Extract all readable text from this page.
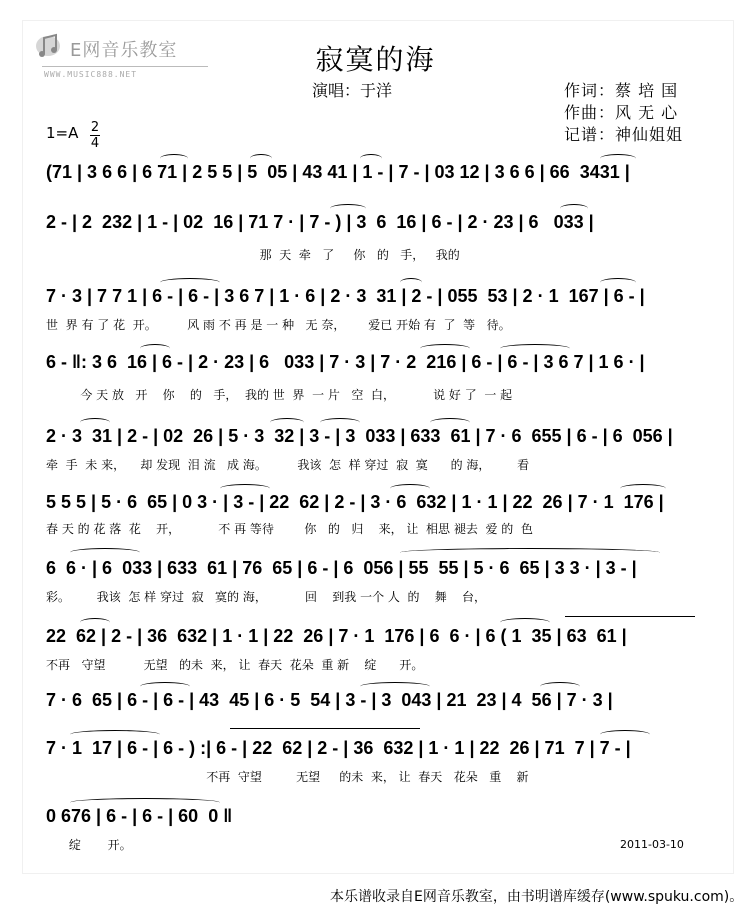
E网音乐教室
WWW.MUSIC888.NET	寂寞的海
演唱：于洋	作词：蔡 培 国
作曲：风 无 心
记谱：神仙姐姐
1=A 2
4
(71 | 3 6 6 | 6 71 | 2 5 5 | 5  05 | 43 41 | 1 - | 7 - | 03 12 | 3 6 6 | 66  3431 |
2 - | 2  232 | 1 - | 02  16 | 71 7 · | 7 - ) | 3  6  16 | 6 - | 2 · 23 | 6   033 |
那  天  牵   了     你   的   手，   我的
7 · 3 | 7 7 1 | 6 - | 6 - | 3 6 7 | 1 · 6 | 2 · 3  31 | 2 - | 055  53 | 2 · 1  167 | 6 - |
世  界 有 了 花  开。        风 雨 不 再 是 一 种   无 奈，      爱已 开始 有  了  等   待。
6 - ‖: 3 6  16 | 6 - | 2 · 23 | 6   033 | 7 · 3 | 7 · 2  216 | 6 - | 6 - | 3 6 7 | 1 6 · |
今 天 放   开    你    的   手，  我的 世  界  一 片   空  白，          说 好 了  一 起
2 · 3  31 | 2 - | 02  26 | 5 · 3  32 | 3 - | 3  033 | 633  61 | 7 · 6  655 | 6 - | 6  056 |
牵  手  未 来，    却 发现  泪 流   成 海。        我该  怎  样 穿过  寂  寞      的 海，       看
5 5 5 | 5 · 6  65 | 0 3 · | 3 - | 22  62 | 2 - | 3 · 6  632 | 1 · 1 | 22  26 | 7 · 1  176 |
春 天 的 花 落  花    开，          不 再 等待        你   的   归    来， 让  相思 褪去  爱 的  色
6  6 · | 6  033 | 633  61 | 76  65 | 6 - | 6  056 | 55  55 | 5 · 6  65 | 3 3 · | 3 - |
彩。       我该  怎 样 穿过  寂   寞的 海，          回    到我 一个 人  的    舞    台，
22  62 | 2 - | 36  632 | 1 · 1 | 22  26 | 7 · 1  176 | 6  6 · | 6 ( 1  35 | 63  61 |
不再   守望          无望   的未  来， 让  春天  花朵  重 新    绽      开。
7 · 6  65 | 6 - | 6 - | 43  45 | 6 · 5  54 | 3 - | 3  043 | 21  23 | 4  56 | 7 · 3 |
7 · 1  17 | 6 - | 6 - ) :| 6 - | 22  62 | 2 - | 36  632 | 1 · 1 | 22  26 | 71  7 | 7 - |
不再  守望         无望     的未  来， 让  春天   花朵   重    新
0 676 | 6 - | 6 - | 60  0 ‖
绽       开。	2011-03-10
本乐谱收录自E网音乐教室，由书明谱库缓存(www.spuku.com)。
